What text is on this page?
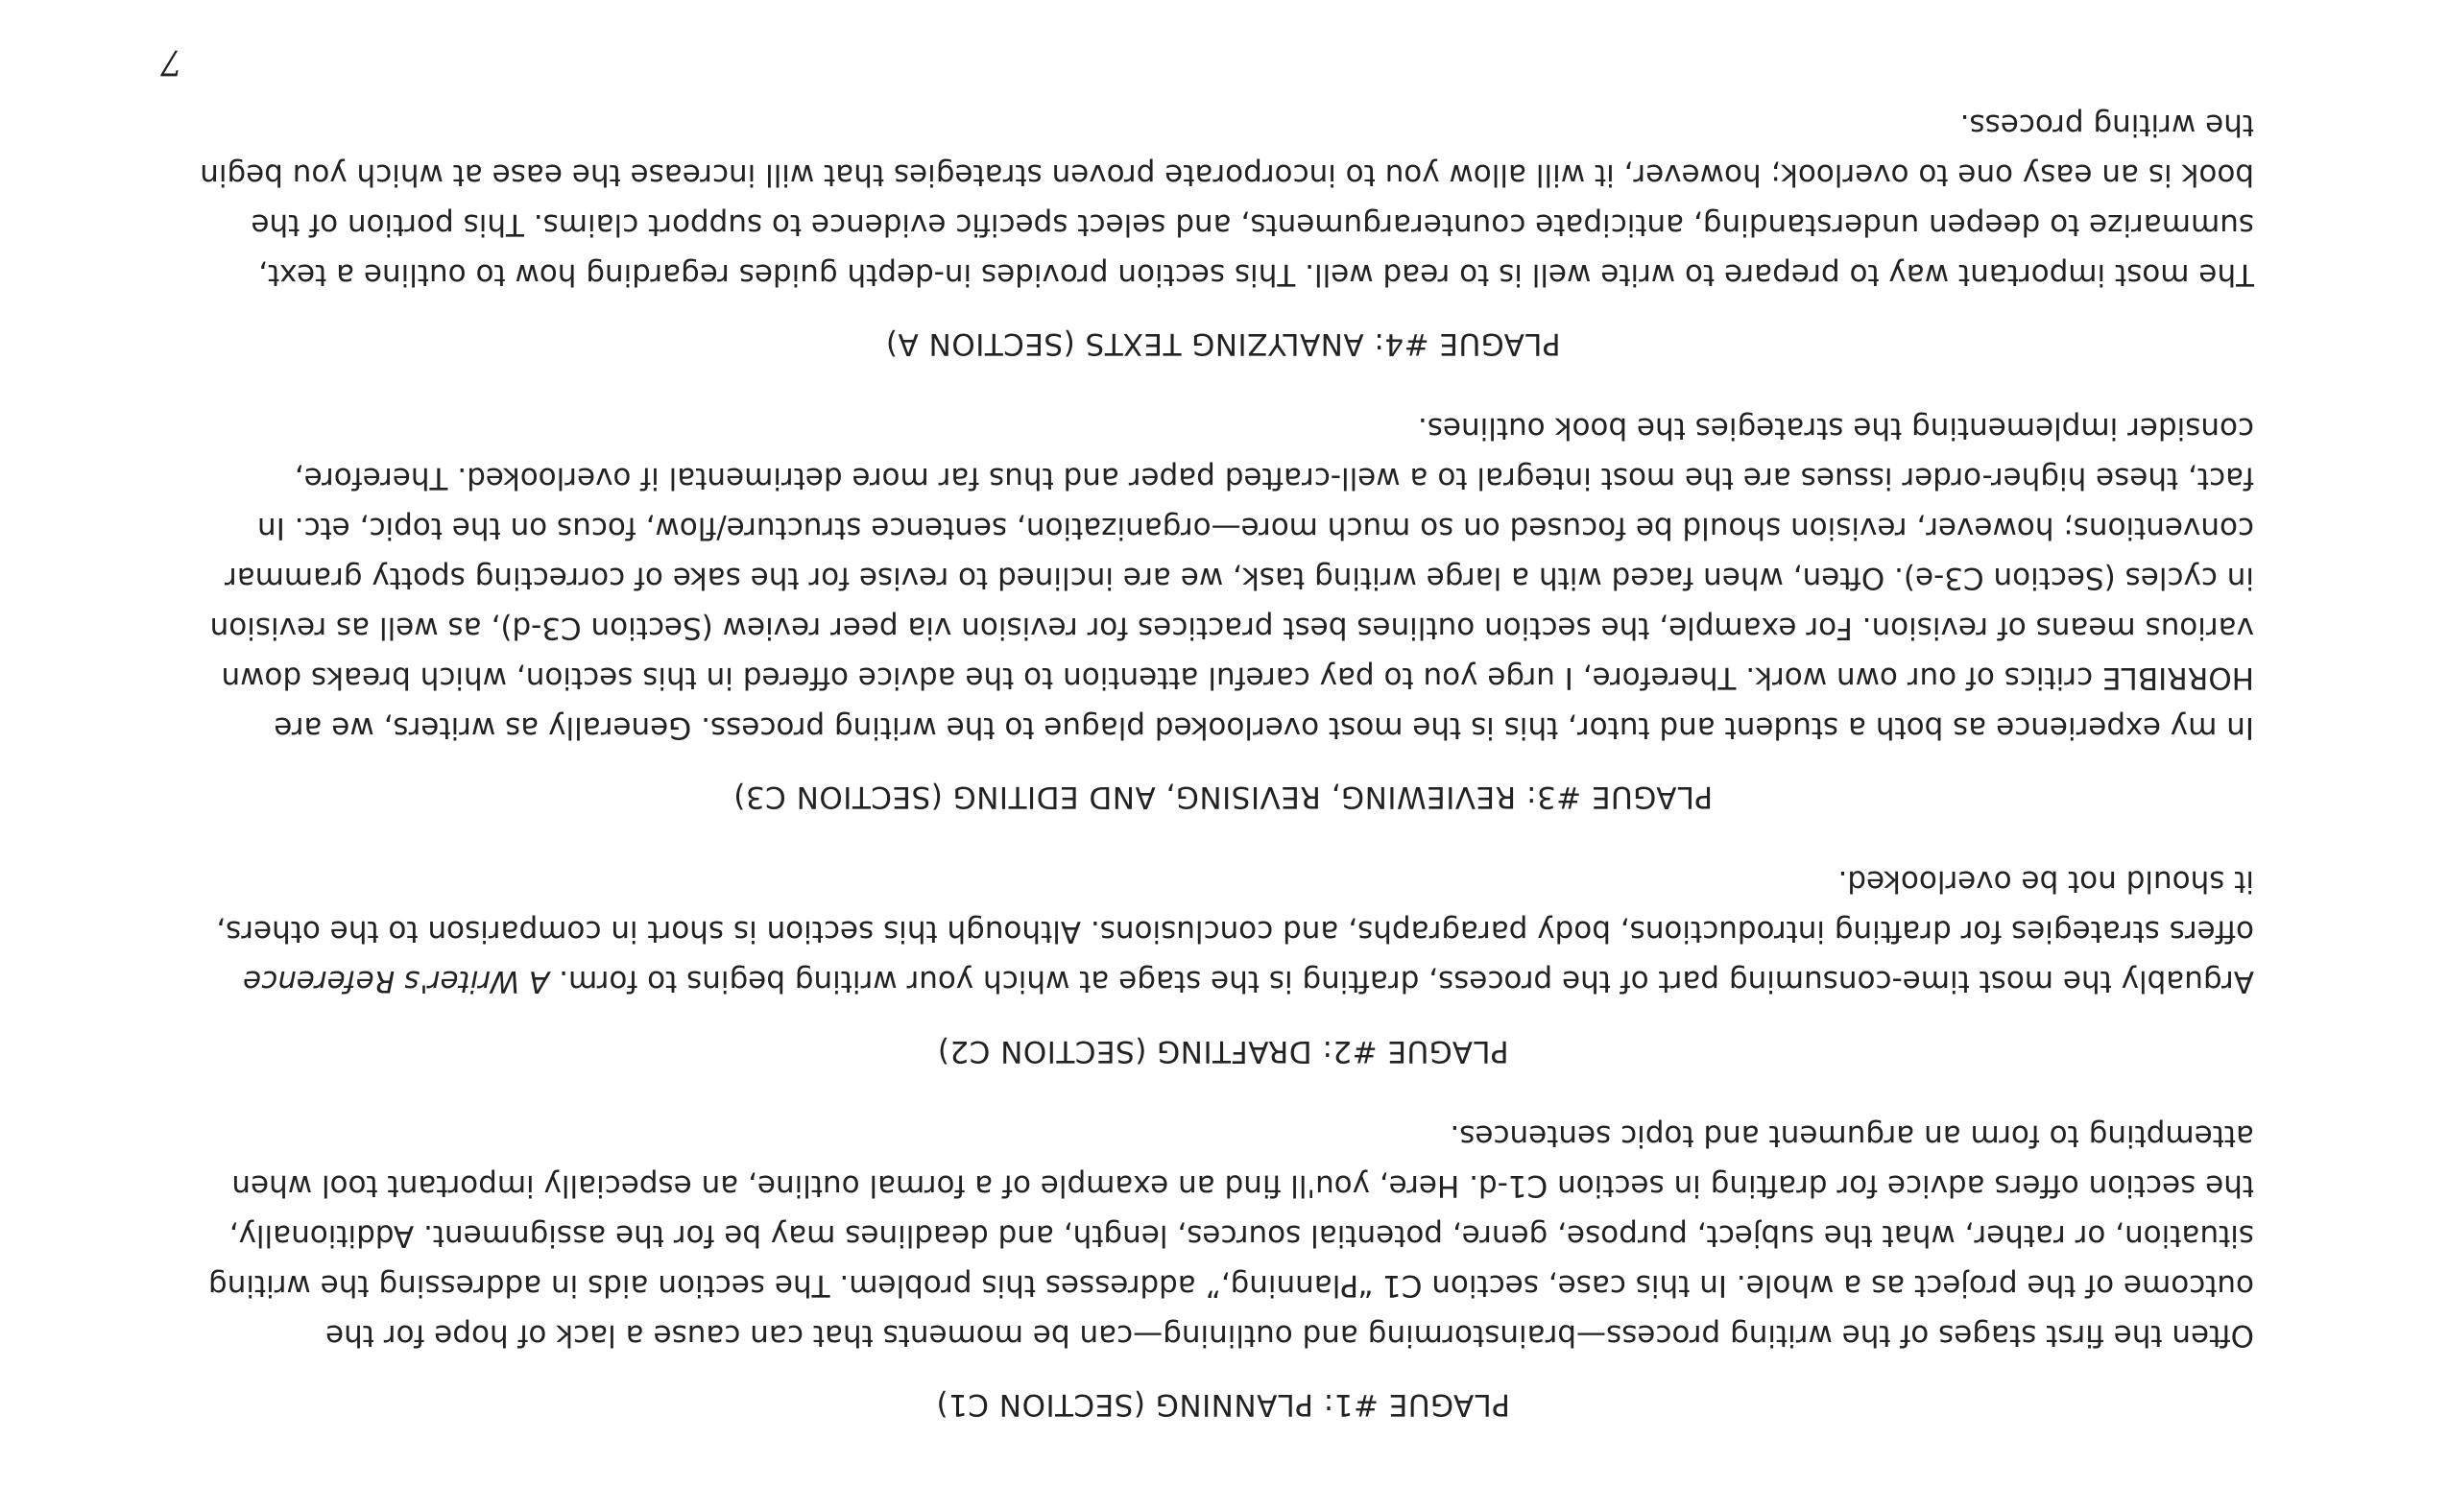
PLAGUE #1: PLANNING (SECTION C1)

Often the first stages of the writing process—brainstorming and outlining—can be moments that can cause a lack of hope for the outcome of the project as a whole. In this case, section C1 “Planning,” addresses this problem. The section aids in addressing the writing situation, or rather, what the subject, purpose, genre, potential sources, length, and deadlines may be for the assignment. Additionally, the section offers advice for drafting in section C1-d. Here, you'll find an example of a formal outline, an especially important tool when attempting to form an argument and topic sentences.

PLAGUE #2: DRAFTING (SECTION C2)

Arguably the most time-consuming part of the process, drafting is the stage at which your writing begins to form. A Writer's Reference offers strategies for drafting introductions, body paragraphs, and conclusions. Although this section is short in comparison to the others, it should not be overlooked.

PLAGUE #3: REVIEWING, REVISING, AND EDITING (SECTION C3)

In my experience as both a student and tutor, this is the most overlooked plague to the writing process. Generally as writers, we are HORRIBLE critics of our own work. Therefore, I urge you to pay careful attention to the advice offered in this section, which breaks down various means of revision. For example, the section outlines best practices for revision via peer review (Section C3-d), as well as revision in cycles (Section C3-e). Often, when faced with a large writing task, we are inclined to revise for the sake of correcting spotty grammar conventions; however, revision should be focused on so much more—organization, sentence structure/flow, focus on the topic, etc. In fact, these higher-order issues are the most integral to a well-crafted paper and thus far more detrimental if overlooked. Therefore, consider implementing the strategies the book outlines.

PLAGUE #4: ANALYZING TEXTS (SECTION A)

The most important way to prepare to write well is to read well. This section provides in-depth guides regarding how to outline a text, summarize to deepen understanding, anticipate counterarguments, and select specific evidence to support claims. This portion of the book is an easy one to overlook; however, it will allow you to incorporate proven strategies that will increase the ease at which you begin the writing process.

7
